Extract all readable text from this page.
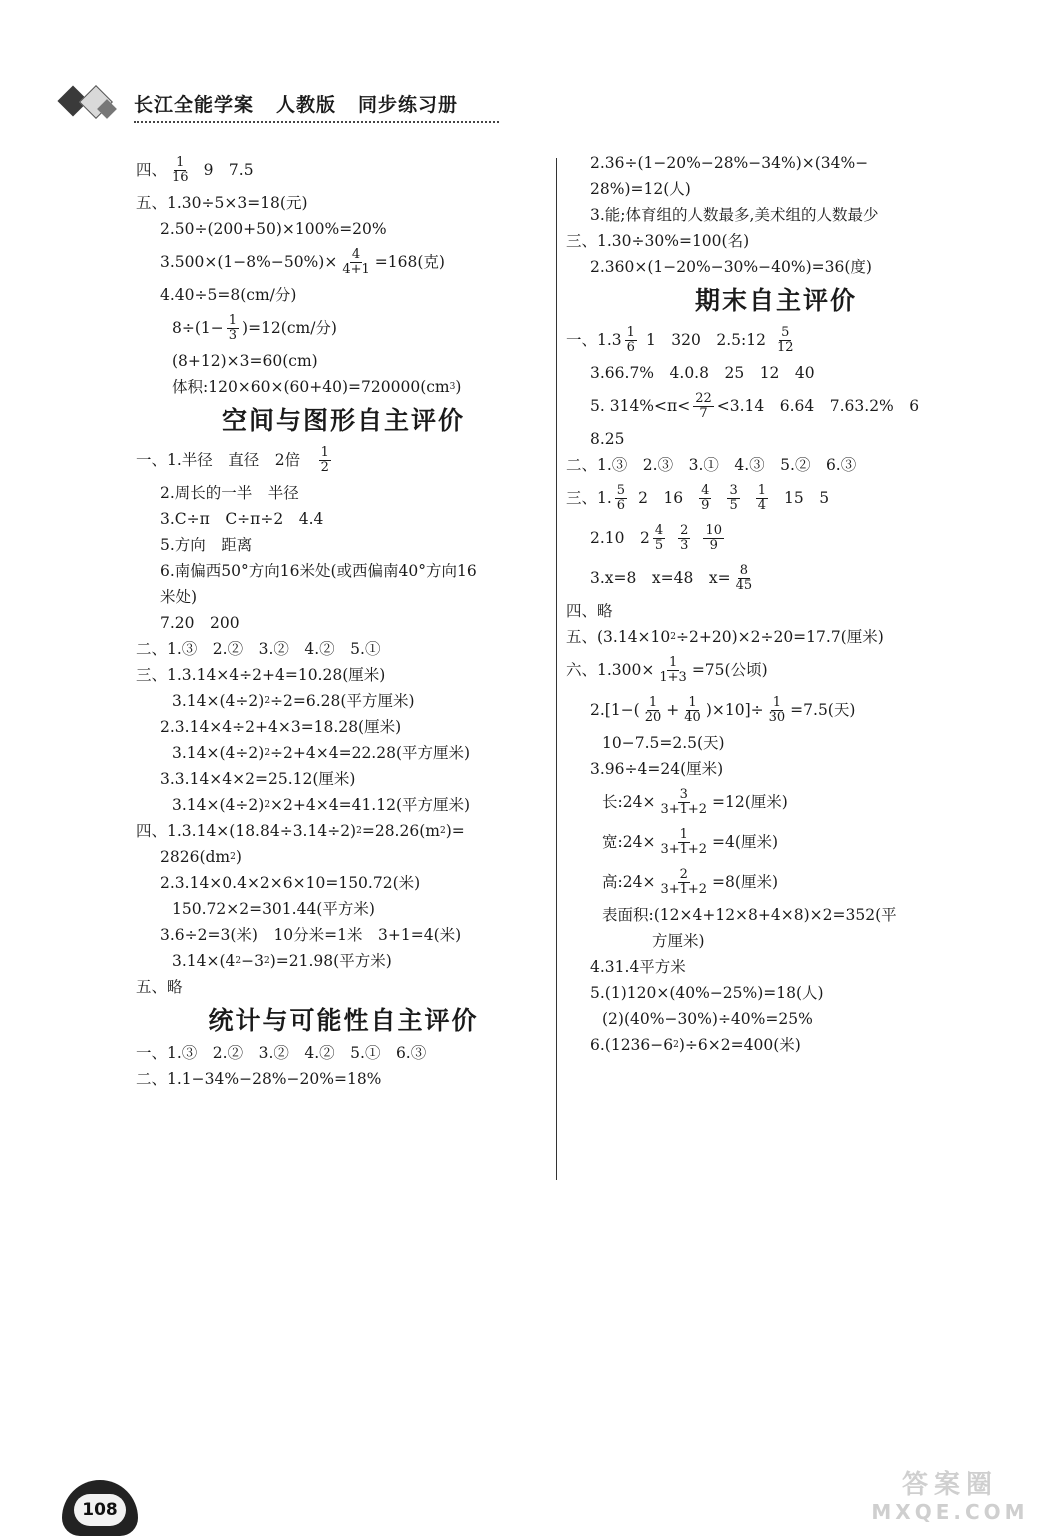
长江全能学案 人教版 同步练习册
四、 $\frac{1}{16} 9$　7.5
五、1.30÷5×3=18(元)
2.50÷(200+50)×100%=20%
$3.500\times(1-8\%-50\%)\times \frac{4}{4+1} =168$(克)
4.40÷5=8(cm/分)
$8\div(1- \frac{1}{3} )=12(cm/$分)
(8+12)×3=60(cm)
体积:120×60×(60+40)=720000(cm 3 )
空间与图形自主评价
一、1.半径　直径　2倍　 $\frac{1}{2}$
2.周长的一半　半径
3.C÷π　C÷π÷2　4.4
5.方向　距离
6.南偏西50°方向16米处(或西偏南40°方向16
米处)
7.20　200
二、1.③　2.②　3.②　4.②　5.①
三、1.3.14×4÷2+4=10.28(厘米)
3.14×(4÷2) 2 ÷2=6.28(平方厘米)
2.3.14×4÷2+4×3=18.28(厘米)
3.14×(4÷2) 2 ÷2+4×4=22.28(平方厘米)
3.3.14×4×2=25.12(厘米)
3.14×(4÷2) 2 ×2+4×4=41.12(平方厘米)
四、1.3.14×(18.84÷3.14÷2) 2 =28.26(m 2 )=
2826(dm 2 )
2.3.14×0.4×2×6×10=150.72(米)
150.72×2=301.44(平方米)
3.6÷2=3(米)　10分米=1米　3+1=4(米)
3.14×(4 2 −3 2 )=21.98(平方米)
五、略
统计与可能性自主评价
一、1.③　2.②　3.②　4.②　5.①　6.③
二、1.1−34%−28%−20%=18%
2.36÷(1−20%−28%−34%)×(34%−
28%)=12(人)
3.能;体育组的人数最多,美术组的人数最少
三、1.30÷30%=100(名)
2.360×(1−20%−30%−40%)=36(度)
期末自主评价
一、$1.3 \frac{1}{6} 1$　320　2.5:12 $\frac{5}{12}$
3.66.7%　4.0.8　25　12　40
5. $314\%<\pi< \frac{22}{7} <3.14$　6.64　7.63.2%　6
8.25
二、1.③　2.③　3.①　4.③　5.②　6.③
三、1. $\frac{5}{6} 2$　$16 \frac{4}{9} \frac{3}{5} \frac{1}{4} 15$　5
2.10　$2 \frac{4}{5} \frac{2}{3} \frac{10}{9}$
3.x=8　x=48　$x= \frac{8}{45}$
四、略
五、(3.14×10 2 ÷2+20)×2÷20=17.7(厘米)
六、$1.300\times \frac{1}{1+3} =75$(公顷)
$2.[1-( \frac{1}{20} + \frac{1}{40} )\times 10]\div \frac{1}{30} =7.5$(天)
10−7.5=2.5(天)
3.96÷4=24(厘米)
长:24× $\frac{3}{3+1+2} =12$(厘米)
宽:24× $\frac{1}{3+1+2} =4$(厘米)
高:24× $\frac{2}{3+1+2} =8$(厘米)
表面积:(12×4+12×8+4×8)×2=352(平
方厘米)
4.31.4平方米
5.(1)120×(40%−25%)=18(人)
(2)(40%−30%)÷40%=25%
6.(1236−6 2 )÷6×2=400(米)
108
答案圈
MXQE.COM
